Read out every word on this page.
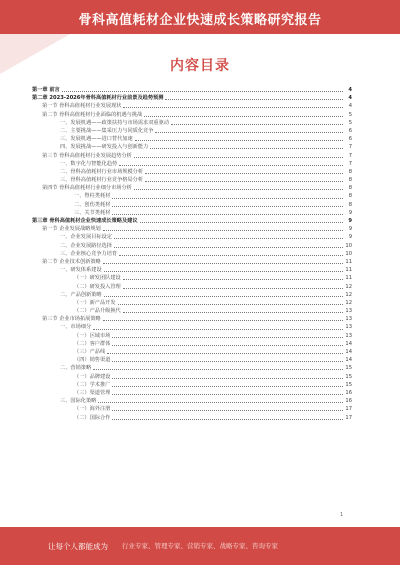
骨科高值耗材企业快速成长策略研究报告
内容目录
第一章 前言	4
第二章 2023-2026年骨科高值耗材行业前景及趋势预测	4
第一节 骨科高值耗材行业发展现状	4
第二节 骨科高值耗材行业面临的机遇与挑战	5
一、发展机遇——政策扶持与市场需求双重驱动	5
二、主要挑战——集采压力与同质化竞争	6
三、发展机遇——进口替代加速	6
四、发展挑战——研发投入与创新能力	7
第三节 骨科高值耗材行业发展趋势分析	7
一、数字化与智能化趋势	7
二、骨科高值耗材行业市场规模分析	8
三、骨科高值耗材行业竞争格局分析	8
第四节 骨科高值耗材行业细分市场分析	8
一、脊柱类耗材	8
二、创伤类耗材	8
三、关节类耗材	9
第三章 骨科高值耗材企业快速成长策略及建议	9
第一节 企业发展战略规划	9
一、企业发展目标设定	9
二、企业发展路径选择	10
三、企业核心竞争力培育	10
第二节 企业技术创新策略	11
一、研发体系建设	11
（一）研发团队建设	11
（二）研发投入管理	12
二、产品创新策略	12
（一）新产品开发	12
（二）产品升级换代	13
第三节 企业市场拓展策略	13
一、市场细分	13
（一）区域市场	13
（二）客户群体	14
（三）产品线	14
（四）销售渠道	14
二、营销策略	15
（一）品牌建设	15
（二）学术推广	15
（三）渠道管理	16
三、国际化策略	16
（一）海外注册	17
（二）国际合作	17
1
让每个人都能成为 行业专家、管理专家、营销专家、战略专家、咨询专家
